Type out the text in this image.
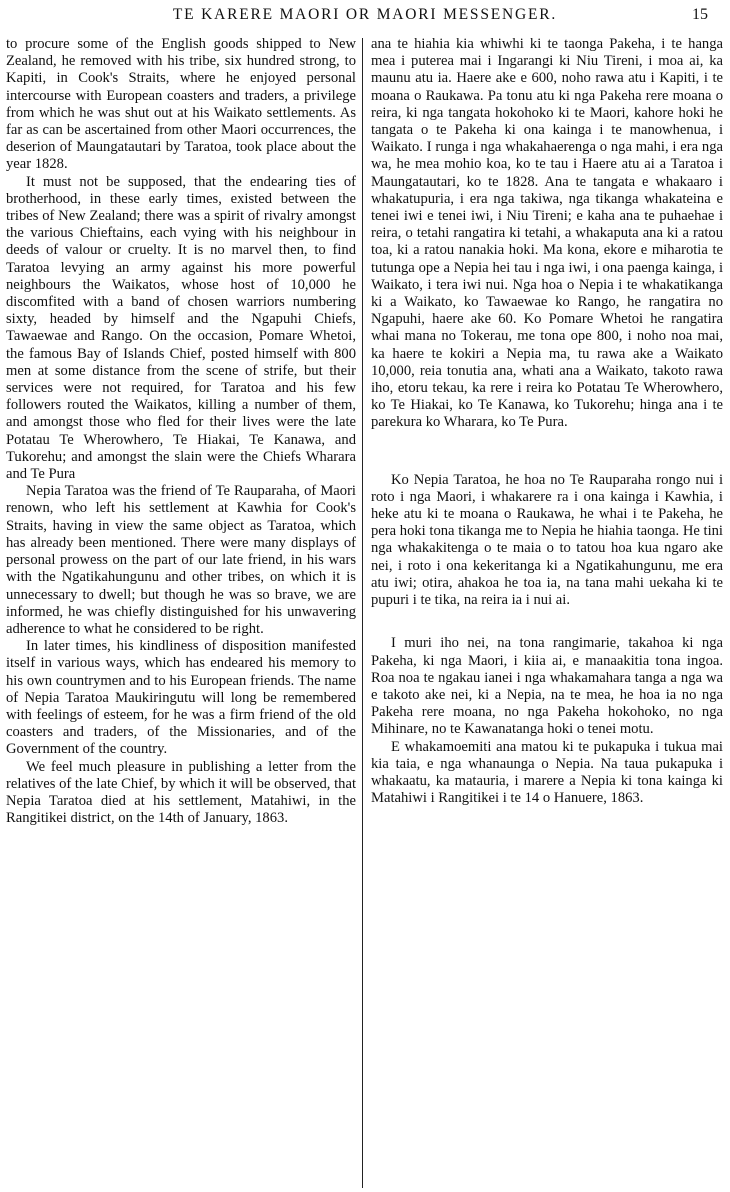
TE KARERE MAORI OR MAORI MESSENGER.	15

to procure some of the English goods shipped to New Zealand, he removed with his tribe, six hundred strong, to Kapiti, in Cook's Straits, where he enjoyed personal intercourse with European coasters and traders, a privilege from which he was shut out at his Waikato settlements. As far as can be ascertained from other Maori occurrences, the deserion of Maungatautari by Taratoa, took place about the year 1828.

It must not be supposed, that the endearing ties of brotherhood, in these early times, existed between the tribes of New Zealand; there was a spirit of rivalry amongst the various Chieftains, each vying with his neighbour in deeds of valour or cruelty. It is no marvel then, to find Taratoa levying an army against his more powerful neighbours the Waikatos, whose host of 10,000 he discomfited with a band of chosen warriors numbering sixty, headed by himself and the Ngapuhi Chiefs, Tawaewae and Rango. On the occasion, Pomare Whetoi, the famous Bay of Islands Chief, posted himself with 800 men at some distance from the scene of strife, but their services were not required, for Taratoa and his few followers routed the Waikatos, killing a number of them, and amongst those who fled for their lives were the late Potatau Te Wherowhero, Te Hiakai, Te Kanawa, and Tukorehu; and amongst the slain were the Chiefs Wharara and Te Pura

Nepia Taratoa was the friend of Te Rauparaha, of Maori renown, who left his settlement at Kawhia for Cook's Straits, having in view the same object as Taratoa, which has already been mentioned. There were many displays of personal prowess on the part of our late friend, in his wars with the Ngatikahungunu and other tribes, on which it is unnecessary to dwell; but though he was so brave, we are informed, he was chiefly distinguished for his unwavering adherence to what he considered to be right.

In later times, his kindliness of disposition manifested itself in various ways, which has endeared his memory to his own countrymen and to his European friends. The name of Nepia Taratoa Maukiringutu will long be remembered with feelings of esteem, for he was a firm friend of the old coasters and traders, of the Missionaries, and of the Government of the country.

We feel much pleasure in publishing a letter from the relatives of the late Chief, by which it will be observed, that Nepia Taratoa died at his settlement, Matahiwi, in the Rangitikei district, on the 14th of January, 1863.

ana te hiahia kia whiwhi ki te taonga Pakeha, i te hanga mea i puterea mai i Ingarangi ki Niu Tireni, i moa ai, ka maunu atu ia. Haere ake e 600, noho rawa atu i Kapiti, i te moana o Raukawa. Pa tonu atu ki nga Pakeha rere moana o reira, ki nga tangata hokohoko ki te Maori, kahore hoki he tangata o te Pakeha ki ona kainga i te manowhenua, i Waikato. I runga i nga whakahaerenga o nga mahi, i era nga wa, he mea mohio koa, ko te tau i Haere atu ai a Taratoa i Maungatautari, ko te 1828. Ana te tangata e whakaaro i whakatupuria, i era nga takiwa, nga tikanga whakateina e tenei iwi e tenei iwi, i Niu Tireni; e kaha ana te puhaehae i reira, o tetahi rangatira ki tetahi, a whakaputa ana ki a ratou toa, ki a ratou nanakia hoki. Ma kona, ekore e miharotia te tutunga ope a Nepia hei tau i nga iwi, i ona paenga kainga, i Waikato, i tera iwi nui. Nga hoa o Nepia i te whakatikanga ki a Waikato, ko Tawaewae ko Rango, he rangatira no Ngapuhi, haere ake 60. Ko Pomare Whetoi he rangatira whai mana no Tokerau, me tona ope 800, i noho noa mai, ka haere te kokiri a Nepia ma, tu rawa ake a Waikato 10,000, reia tonutia ana, whati ana a Waikato, takoto rawa iho, etoru tekau, ka rere i reira ko Potatau Te Wherowhero, ko Te Hiakai, ko Te Kanawa, ko Tukorehu; hinga ana i te parekura ko Wharara, ko Te Pura.

Ko Nepia Taratoa, he hoa no Te Rauparaha rongo nui i roto i nga Maori, i whakarere ra i ona kainga i Kawhia, i heke atu ki te moana o Raukawa, he whai i te Pakeha, he pera hoki tona tikanga me to Nepia he hiahia taonga. He tini nga whakakitenga o te maia o to tatou hoa kua ngaro ake nei, i roto i ona kekeritanga ki a Ngatikahungunu, me era atu iwi; otira, ahakoa he toa ia, na tana mahi uekaha ki te pupuri i te tika, na reira ia i nui ai.

I muri iho nei, na tona rangimarie, takahoa ki nga Pakeha, ki nga Maori, i kiia ai, e manaakitia tona ingoa. Roa noa te ngakau ianei i nga whakamahara tanga a nga wa e takoto ake nei, ki a Nepia, na te mea, he hoa ia no nga Pakeha rere moana, no nga Pakeha hokohoko, no nga Mihinare, no te Kawanatanga hoki o tenei motu.

E whakamoemiti ana matou ki te pukapuka i tukua mai kia taia, e nga whanaunga o Nepia. Na taua pukapuka i whakaatu, ka matauria, i marere a Nepia ki tona kainga ki Matahiwi i Rangitikei i te 14 o Hanuere, 1863.
